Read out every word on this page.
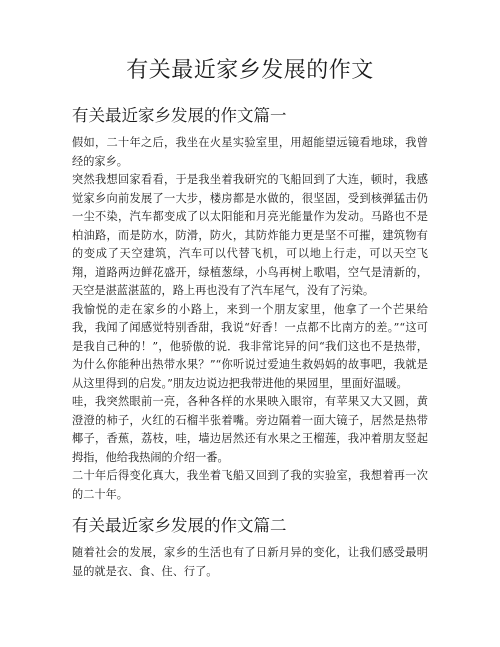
有关最近家乡发展的作文
有关最近家乡发展的作文篇一

假如，二十年之后，我坐在火星实验室里，用超能望远镜看地球，我曾经的家乡。

突然我想回家看看，于是我坐着我研究的飞船回到了大连，顿时，我感觉家乡向前发展了一大步，楼房都是水做的，很坚固，受到核弹猛击仍一尘不染，汽车都变成了以太阳能和月亮光能量作为发动。马路也不是柏油路，而是防水，防滑，防火，其防炸能力更是坚不可摧，建筑物有的变成了天空建筑，汽车可以代替飞机，可以地上行走，可以天空飞翔，道路两边鲜花盛开，绿植葱绿，小鸟再树上歌唱，空气是清新的，天空是湛蓝湛蓝的，路上再也没有了汽车尾气，没有了污染。

我愉悦的走在家乡的小路上，来到一个朋友家里，他拿了一个芒果给我，我闻了闻感觉特别香甜，我说“好香！一点都不比南方的差。”“这可是我自己种的！”，他骄傲的说．我非常诧异的问“我们这也不是热带，为什么你能种出热带水果？”“你听说过爱迪生救妈妈的故事吧，我就是从这里得到的启发。”朋友边说边把我带进他的果园里，里面好温暖。

哇，我突然眼前一亮，各种各样的水果映入眼帘，有苹果又大又圆，黄澄澄的柿子，火红的石榴半张着嘴。旁边隔着一面大镜子，居然是热带椰子，香蕉，荔枝，哇，墙边居然还有水果之王榴莲，我冲着朋友竖起拇指，他给我热闹的介绍一番。

二十年后得变化真大，我坐着飞船又回到了我的实验室，我想着再一次的二十年。

有关最近家乡发展的作文篇二

随着社会的发展，家乡的生活也有了日新月异的变化，让我们感受最明显的就是衣、食、住、行了。
